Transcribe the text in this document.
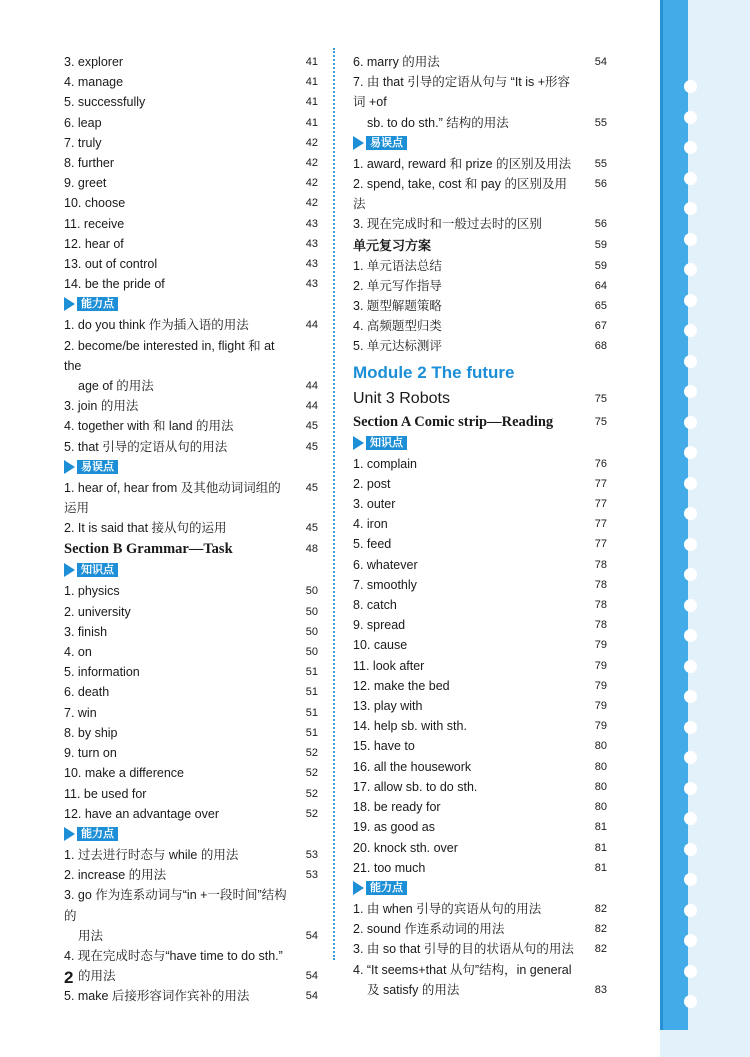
3. explorer	41
4. manage	41
5. successfully	41
6. leap	41
7. truly	42
8. further	42
9. greet	42
10. choose	42
11. receive	43
12. hear of	43
13. out of control	43
14. be the pride of	43
能力点
1. do you think 作为插入语的用法	44
2. become/be interested in, flight 和 at the
age of 的用法	44
3. join 的用法	44
4. together with 和 land 的用法	45
5. that 引导的定语从句的用法	45
易误点
1. hear of, hear from 及其他动词词组的运用
45
2. It is said that 接从句的运用	45
Section B Grammar—Task	48
知识点
1. physics	50
2. university	50
3. finish	50
4. on	50
5. information	51
6. death	51
7. win	51
8. by ship	51
9. turn on	52
10. make a difference	52
11. be used for	52
12. have an advantage over	52
能力点
1. 过去进行时态与 while 的用法	53
2. increase 的用法	53
3. go 作为连系动词与“in +一段时间”结构的
用法	54
4. 现在完成时态与“have time to do sth.”
的用法	54
5. make 后接形容词作宾补的用法	54
6. marry 的用法	54
7. 由 that 引导的定语从句与 “It is +形容词 +of
sb. to do sth.” 结构的用法	55
易误点
1. award, reward 和 prize 的区别及用法	55
2. spend, take, cost 和 pay 的区别及用法
56
3. 现在完成时和一般过去时的区别	56
单元复习方案	59
1. 单元语法总结	59
2. 单元写作指导	64
3. 题型解题策略	65
4. 高频题型归类	67
5. 单元达标测评	68
Module 2 The future
Unit 3 Robots	75
Section A Comic strip—Reading	75
知识点
1. complain	76
2. post	77
3. outer	77
4. iron	77
5. feed	77
6. whatever	78
7. smoothly	78
8. catch	78
9. spread	78
10. cause	79
11. look after	79
12. make the bed	79
13. play with	79
14. help sb. with sth.	79
15. have to	80
16. all the housework	80
17. allow sb. to do sth.	80
18. be ready for	80
19. as good as	81
20. knock sth. over	81
21. too much	81
能力点
1. 由 when 引导的宾语从句的用法	82
2. sound 作连系动词的用法	82
3. 由 so that 引导的目的状语从句的用法	82
4. “It seems+that 从句”结构，in general
及 satisfy 的用法	83
2
